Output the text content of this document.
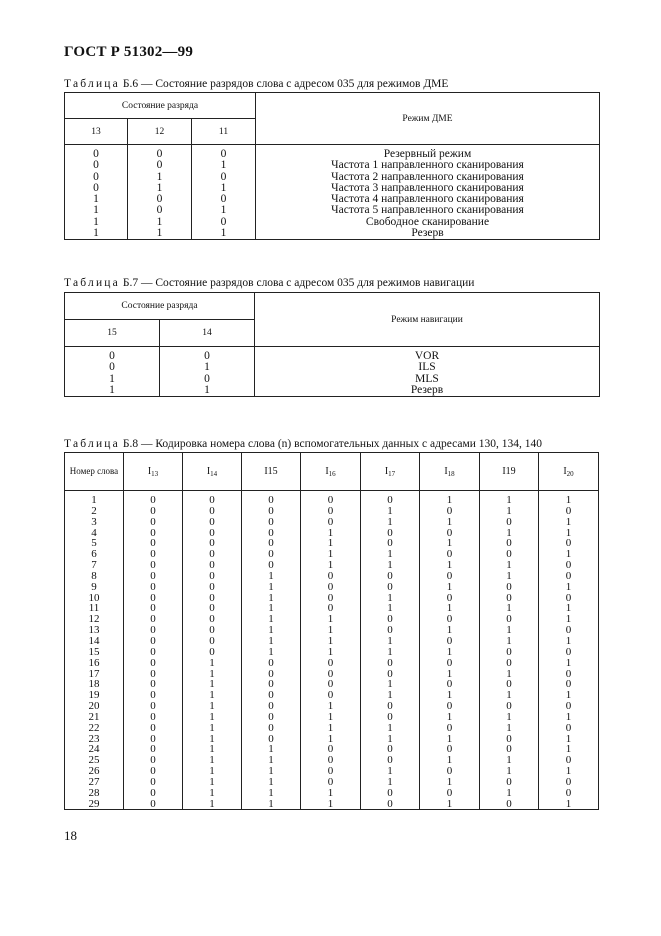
ГОСТ Р 51302—99
Таблица Б.6 — Состояние разрядов слова с адресом 035 для режимов ДМЕ
Состояние разряда			Режим ДМЕ
13	12	11	
0	0	0	Резервный режим
0	0	1	Частота 1 направленного сканирования
0	1	0	Частота 2 направленного сканирования
0	1	1	Частота 3 направленного сканирования
1	0	0	Частота 4 направленного сканирования
1	0	1	Частота 5 направленного сканирования
1	1	0	Свободное сканирование
1	1	1	Резерв
Таблица Б.7 — Состояние разрядов слова с адресом 035 для режимов навигации
Состояние разряда		Режим навигации
15	14	
0	0	VOR
0	1	ILS
1	0	MLS
1	1	Резерв
Таблица Б.8 — Кодировка номера слова (n) вспомогательных данных с адресами 130, 134, 140
Номер слова	$I_{13}$	$I_{14}$	I15	$I_{16}$	$I_{17}$	$I_{18}$	I19	$I_{20}$
1	0	0	0	0	0	1	1	1
2	0	0	0	0	1	0	1	0
3	0	0	0	0	1	1	0	1
4	0	0	0	1	0	0	1	1
5	0	0	0	1	0	1	0	0
6	0	0	0	1	1	0	0	1
7	0	0	0	1	1	1	1	0
8	0	0	1	0	0	0	1	0
9	0	0	1	0	0	1	0	1
10	0	0	1	0	1	0	0	0
11	0	0	1	0	1	1	1	1
12	0	0	1	1	0	0	0	1
13	0	0	1	1	0	1	1	0
14	0	0	1	1	1	0	1	1
15	0	0	1	1	1	1	0	0
16	0	1	0	0	0	0	0	1
17	0	1	0	0	0	1	1	0
18	0	1	0	0	1	0	0	0
19	0	1	0	0	1	1	1	1
20	0	1	0	1	0	0	0	0
21	0	1	0	1	0	1	1	1
22	0	1	0	1	1	0	1	0
23	0	1	0	1	1	1	0	1
24	0	1	1	0	0	0	0	1
25	0	1	1	0	0	1	1	0
26	0	1	1	0	1	0	1	1
27	0	1	1	0	1	1	0	0
28	0	1	1	1	0	0	1	0
29	0	1	1	1	0	1	0	1
18
